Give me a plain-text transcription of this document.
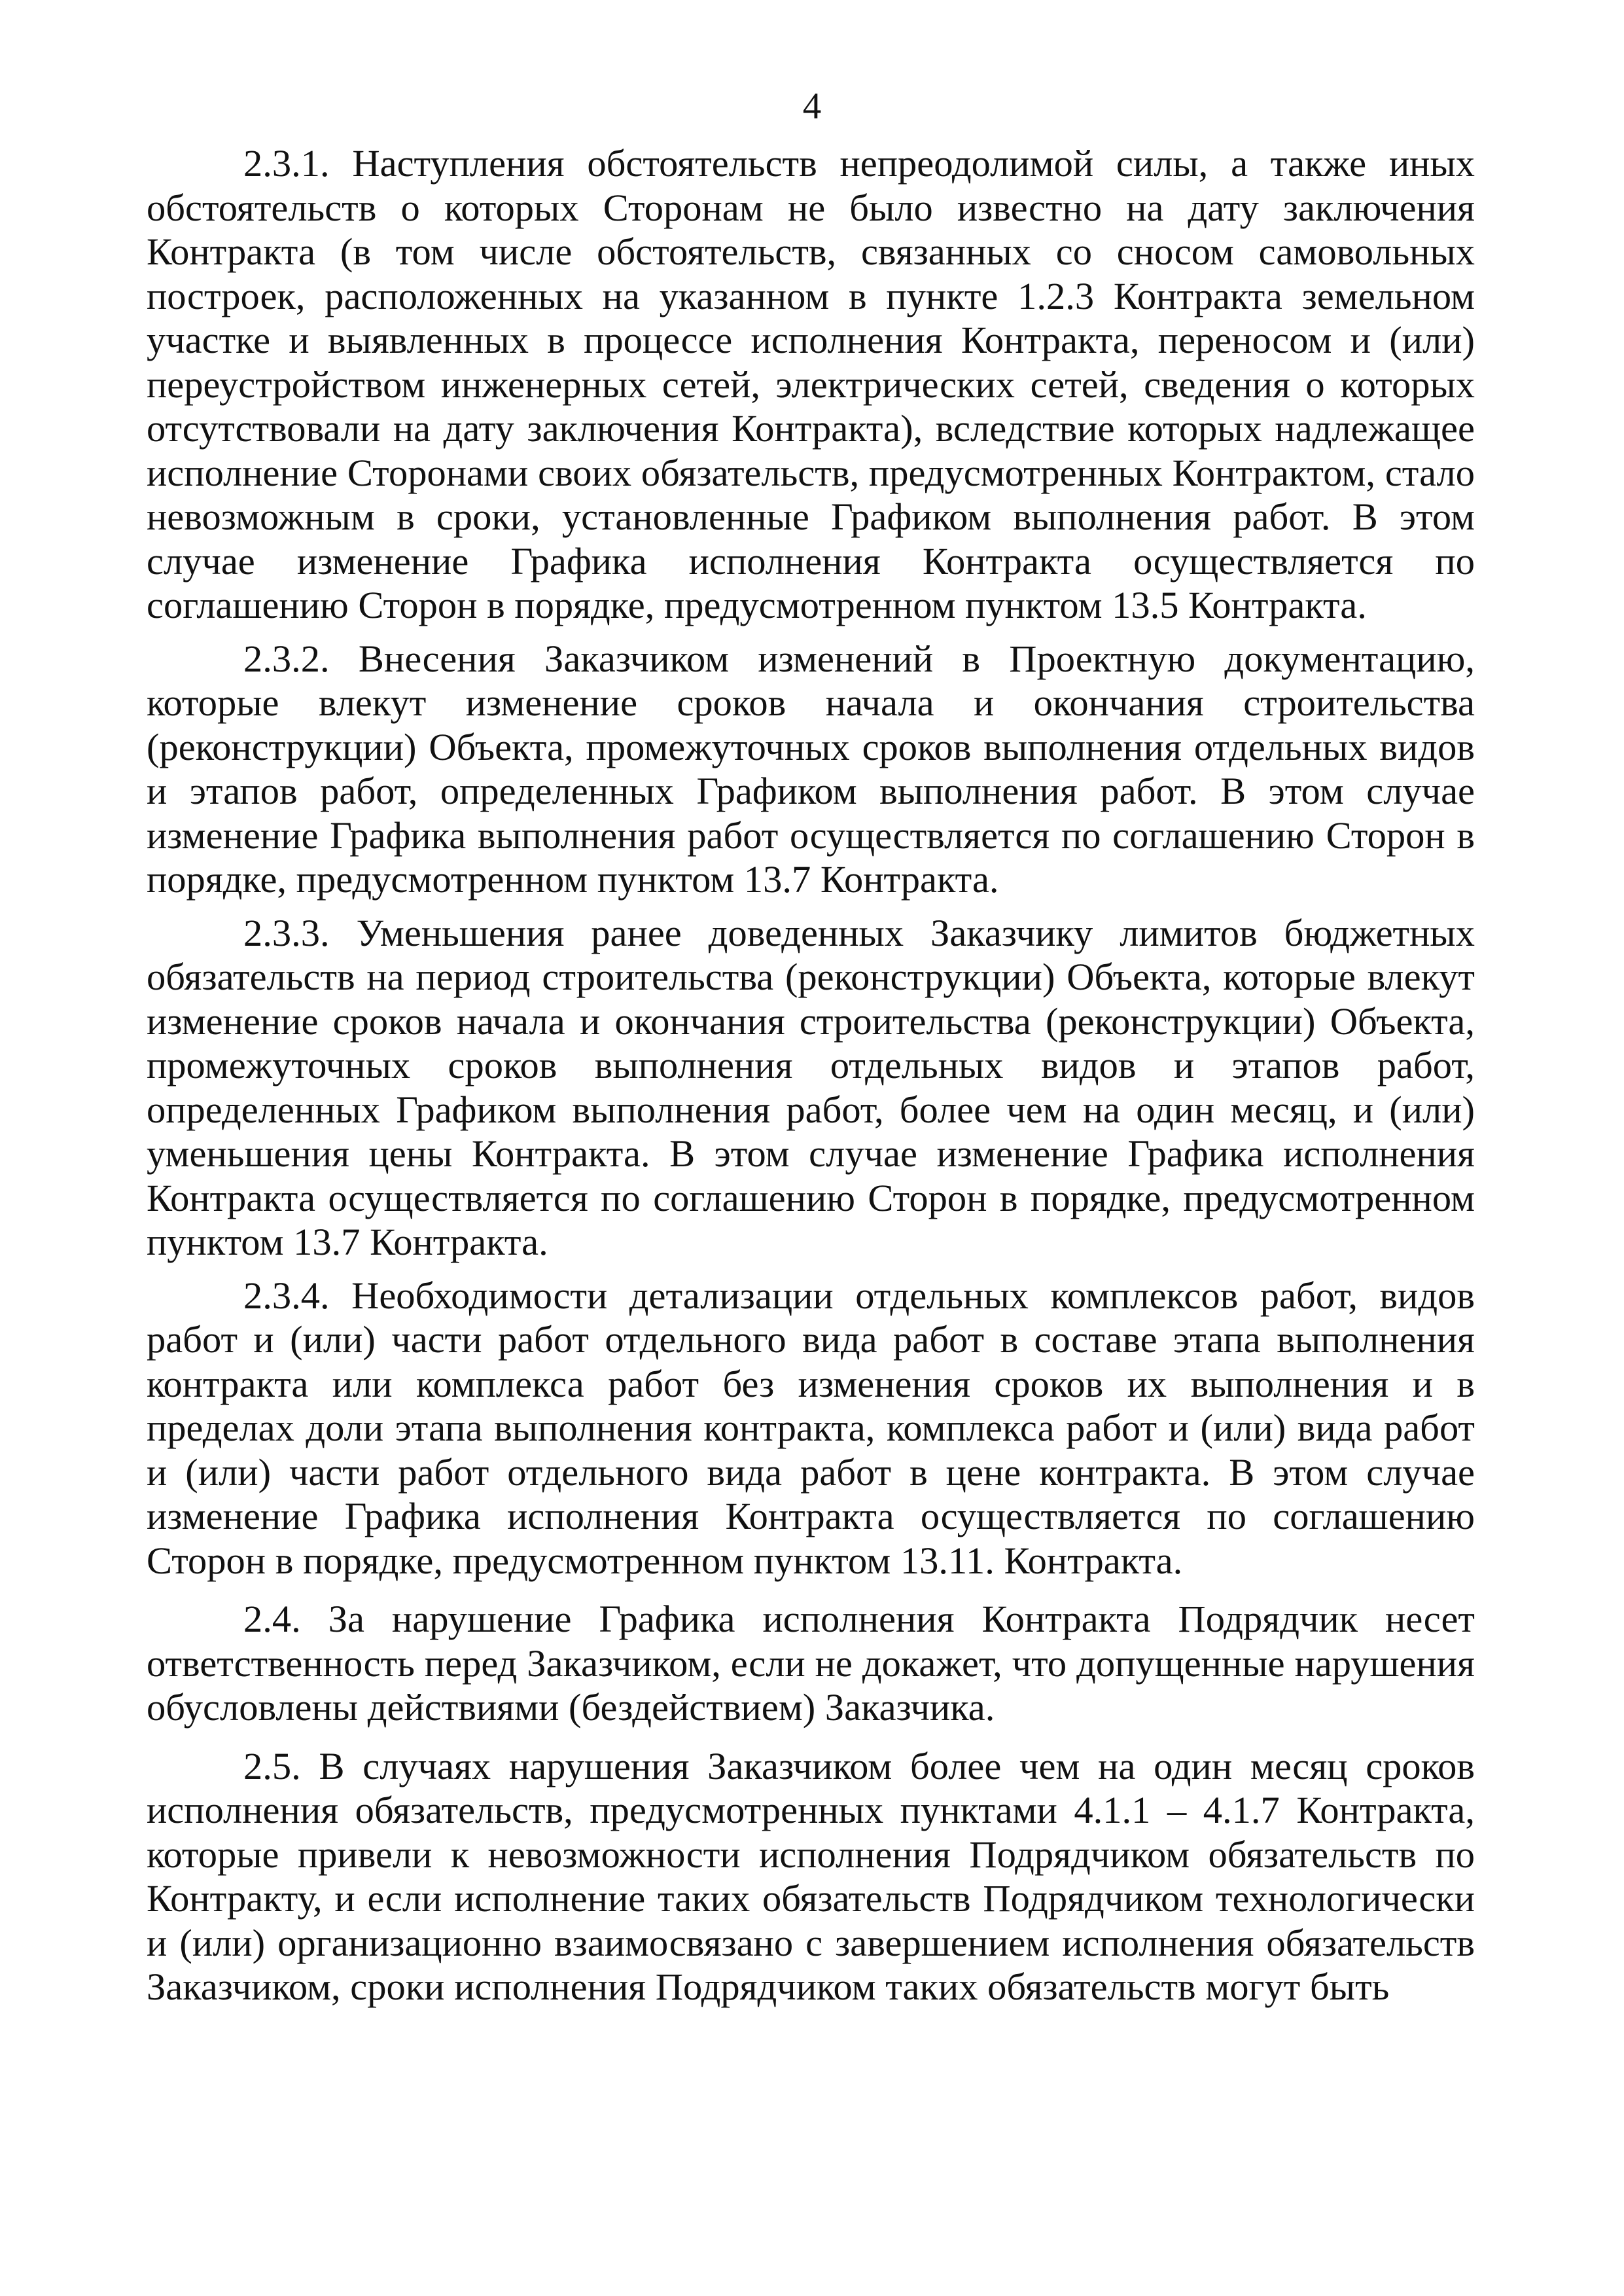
4

2.3.1. Наступления обстоятельств непреодолимой силы, а также иных обстоятельств о которых Сторонам не было известно на дату заключения Контракта (в том числе обстоятельств, связанных со сносом самовольных построек, расположенных на указанном в пункте 1.2.3 Контракта земельном участке и выявленных в процессе исполнения Контракта, переносом и (или) переустройством инженерных сетей, электрических сетей, сведения о которых отсутствовали на дату заключения Контракта), вследствие которых надлежащее исполнение Сторонами своих обязательств, предусмотренных Контрактом, стало невозможным в сроки, установленные Графиком выполнения работ. В этом случае изменение Графика исполнения Контракта осуществляется по соглашению Сторон в порядке, предусмотренном пунктом 13.5 Контракта.

2.3.2. Внесения Заказчиком изменений в Проектную документацию, которые влекут изменение сроков начала и окончания строительства (реконструкции) Объекта, промежуточных сроков выполнения отдельных видов и этапов работ, определенных Графиком выполнения работ. В этом случае изменение Графика выполнения работ осуществляется по соглашению Сторон в порядке, предусмотренном пунктом 13.7 Контракта.

2.3.3. Уменьшения ранее доведенных Заказчику лимитов бюджетных обязательств на период строительства (реконструкции) Объекта, которые влекут изменение сроков начала и окончания строительства (реконструкции) Объекта, промежуточных сроков выполнения отдельных видов и этапов работ, определенных Графиком выполнения работ, более чем на один месяц, и (или) уменьшения цены Контракта. В этом случае изменение Графика исполнения Контракта осуществляется по соглашению Сторон в порядке, предусмотренном пунктом 13.7 Контракта.

2.3.4. Необходимости детализации отдельных комплексов работ, видов работ и (или) части работ отдельного вида работ в составе этапа выполнения контракта или комплекса работ без изменения сроков их выполнения и в пределах доли этапа выполнения контракта, комплекса работ и (или) вида работ и (или) части работ отдельного вида работ в цене контракта. В этом случае изменение Графика исполнения Контракта осуществляется по соглашению Сторон в порядке, предусмотренном пунктом 13.11. Контракта.

2.4. За нарушение Графика исполнения Контракта Подрядчик несет ответственность перед Заказчиком, если не докажет, что допущенные нарушения обусловлены действиями (бездействием) Заказчика.

2.5. В случаях нарушения Заказчиком более чем на один месяц сроков исполнения обязательств, предусмотренных пунктами 4.1.1 – 4.1.7 Контракта, которые привели к невозможности исполнения Подрядчиком обязательств по Контракту, и если исполнение таких обязательств Подрядчиком технологически и (или) организационно взаимосвязано с завершением исполнения обязательств Заказчиком, сроки исполнения Подрядчиком таких обязательств могут быть
